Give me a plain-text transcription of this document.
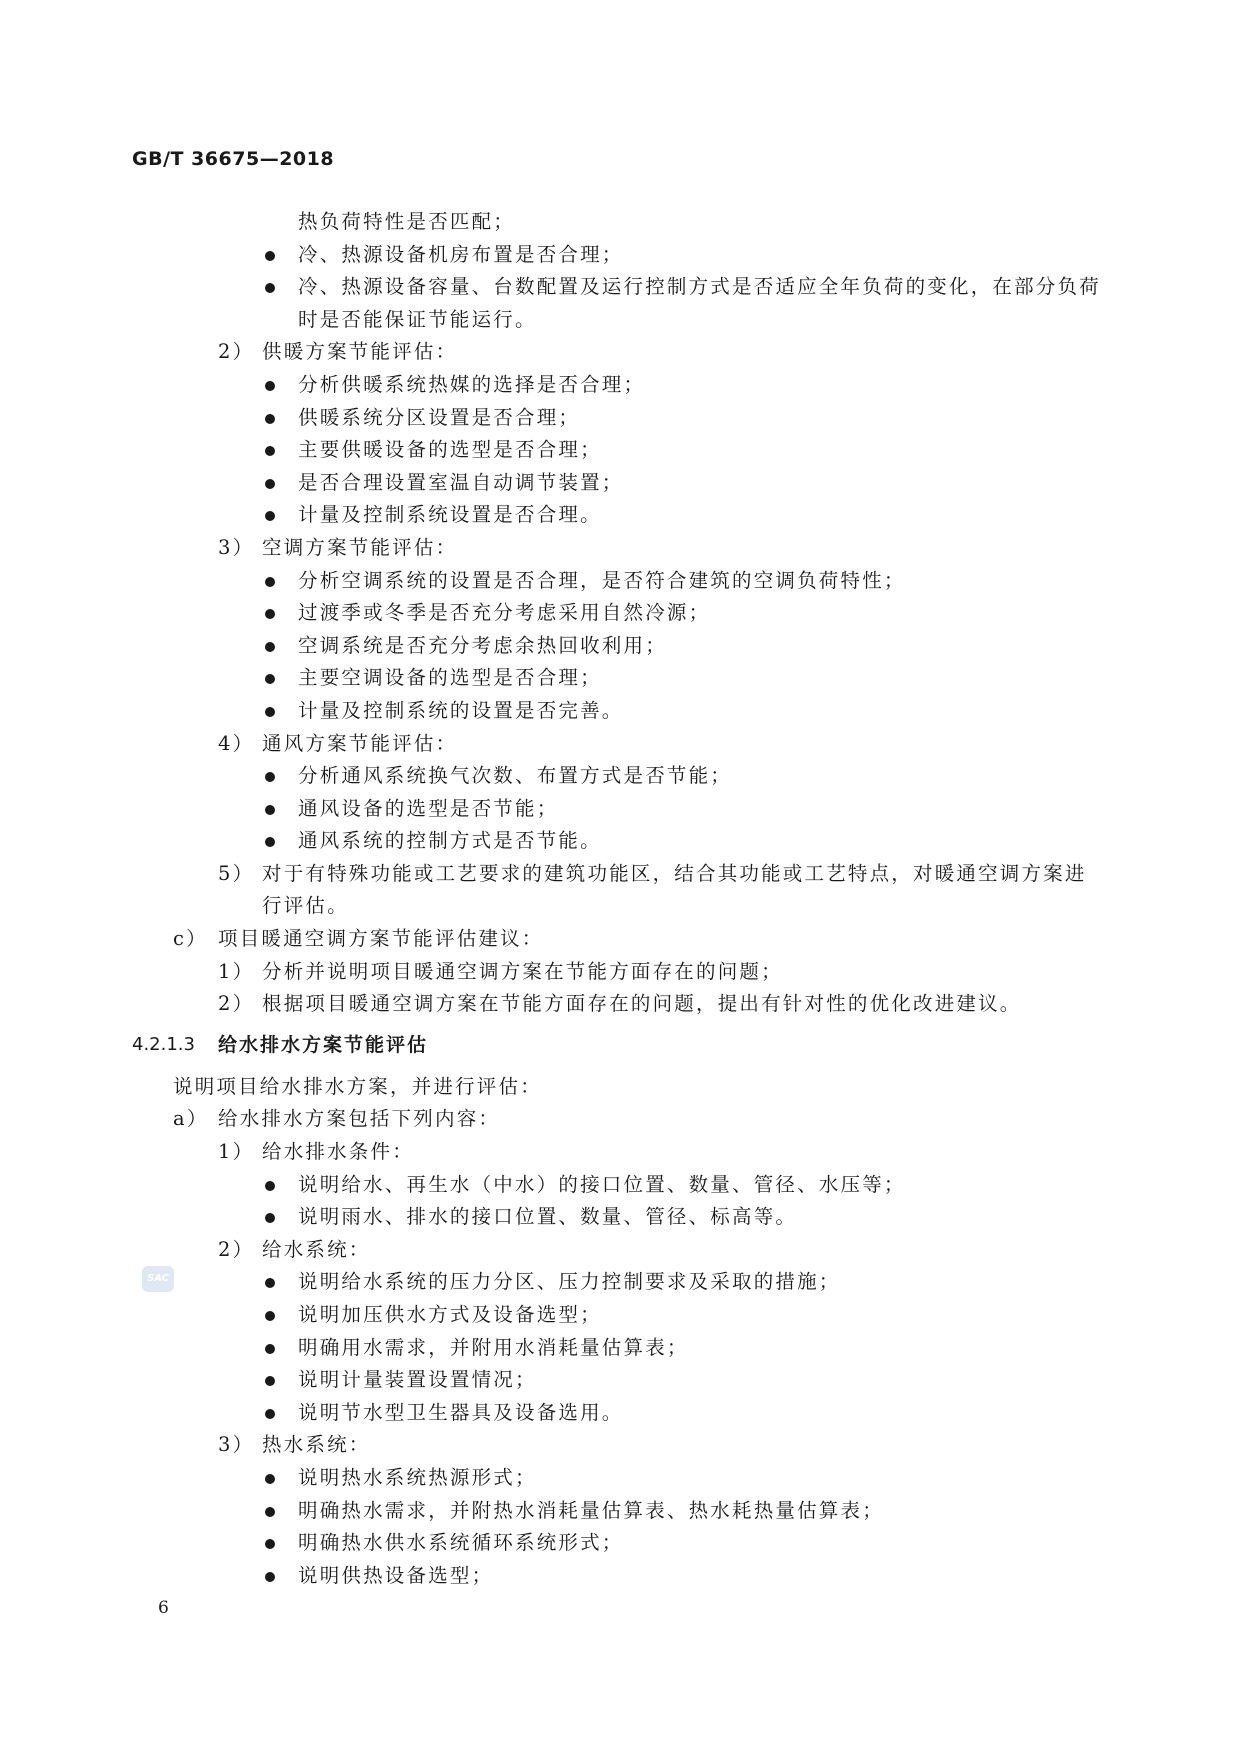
GB/T 36675—2018
热负荷特性是否匹配；
冷、热源设备机房布置是否合理；
冷、热源设备容量、台数配置及运行控制方式是否适应全年负荷的变化，在部分负荷
时是否能保证节能运行。
2） 供暖方案节能评估：
分析供暖系统热媒的选择是否合理；
供暖系统分区设置是否合理；
主要供暖设备的选型是否合理；
是否合理设置室温自动调节装置；
计量及控制系统设置是否合理。
3） 空调方案节能评估：
分析空调系统的设置是否合理，是否符合建筑的空调负荷特性；
过渡季或冬季是否充分考虑采用自然冷源；
空调系统是否充分考虑余热回收利用；
主要空调设备的选型是否合理；
计量及控制系统的设置是否完善。
4） 通风方案节能评估：
分析通风系统换气次数、布置方式是否节能；
通风设备的选型是否节能；
通风系统的控制方式是否节能。
5） 对于有特殊功能或工艺要求的建筑功能区，结合其功能或工艺特点，对暖通空调方案进
行评估。
c） 项目暖通空调方案节能评估建议：
1） 分析并说明项目暖通空调方案在节能方面存在的问题；
2） 根据项目暖通空调方案在节能方面存在的问题，提出有针对性的优化改进建议。
4.2.1.3 给水排水方案节能评估
说明项目给水排水方案，并进行评估：
a） 给水排水方案包括下列内容：
1） 给水排水条件：
说明给水、再生水（中水）的接口位置、数量、管径、水压等；
说明雨水、排水的接口位置、数量、管径、标高等。
2） 给水系统：
说明给水系统的压力分区、压力控制要求及采取的措施；
说明加压供水方式及设备选型；
明确用水需求，并附用水消耗量估算表；
说明计量装置设置情况；
说明节水型卫生器具及设备选用。
3） 热水系统：
说明热水系统热源形式；
明确热水需求，并附热水消耗量估算表、热水耗热量估算表；
明确热水供水系统循环系统形式；
说明供热设备选型；
SAC
6
